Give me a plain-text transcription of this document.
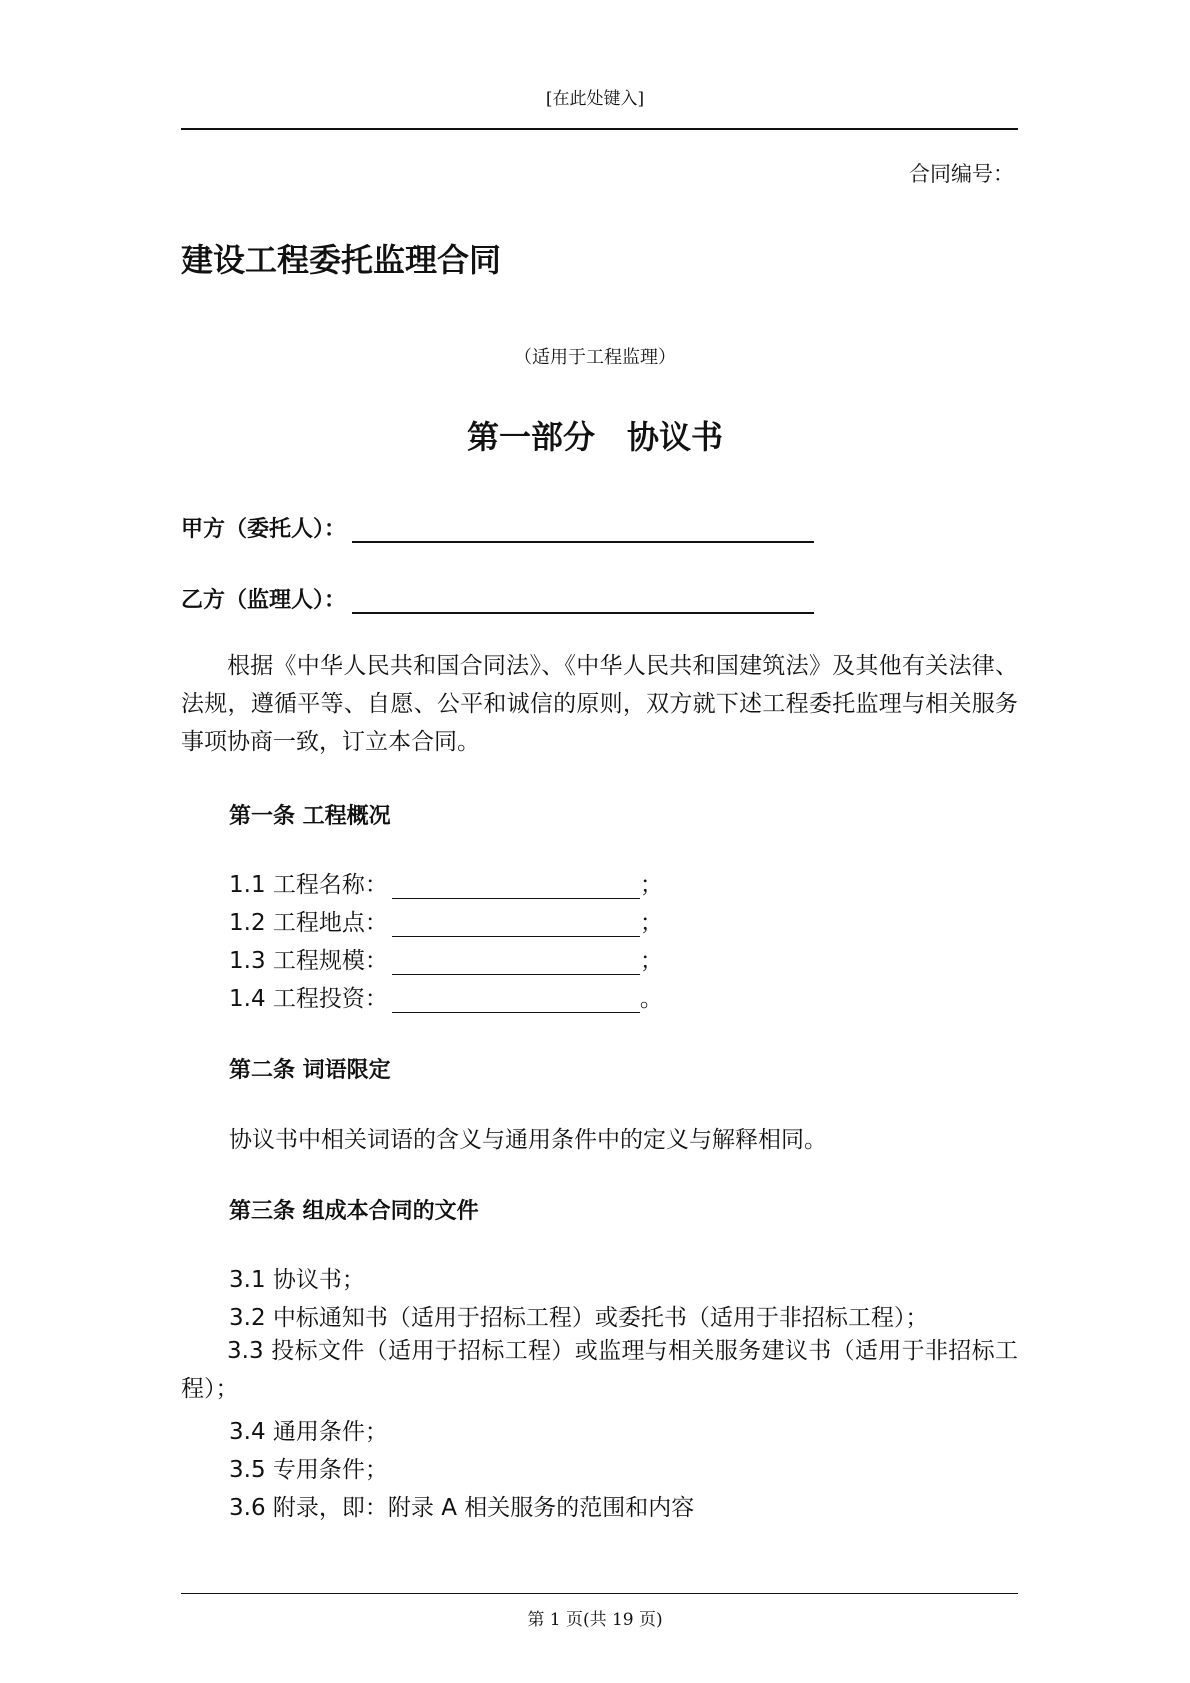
[在此处键入]
合同编号：
建设工程委托监理合同
（适用于工程监理）
第一部分　协议书
甲方（委托人）：
乙方（监理人）：
根据《中华人民共和国合同法》、《中华人民共和国建筑法》及其他有关法律、法规，遵循平等、自愿、公平和诚信的原则，双方就下述工程委托监理与相关服务事项协商一致，订立本合同。
第一条 工程概况
1.1 工程名称：	；
1.2 工程地点：	；
1.3 工程规模：	；
1.4 工程投资：	。
第二条 词语限定
协议书中相关词语的含义与通用条件中的定义与解释相同。
第三条 组成本合同的文件
3.1 协议书；
3.2 中标通知书（适用于招标工程）或委托书（适用于非招标工程）；
3.3 投标文件（适用于招标工程）或监理与相关服务建议书（适用于非招标工程）；
3.4 通用条件；
3.5 专用条件；
3.6 附录，即：附录 A 相关服务的范围和内容
第 1 页(共 19 页)
